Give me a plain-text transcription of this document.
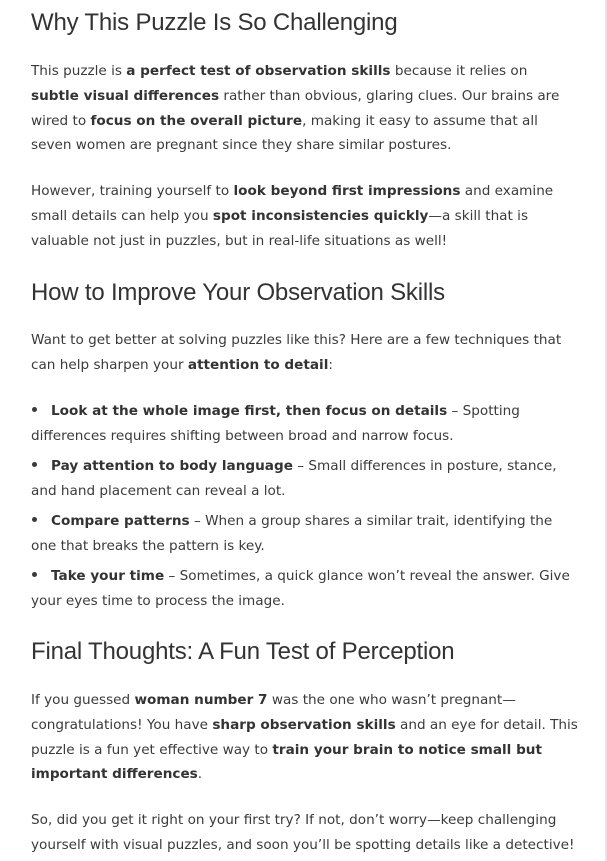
Why This Puzzle Is So Challenging

This puzzle is a perfect test of observation skills because it relies on subtle visual differences rather than obvious, glaring clues. Our brains are wired to focus on the overall picture, making it easy to assume that all seven women are pregnant since they share similar postures.

However, training yourself to look beyond first impressions and examine small details can help you spot inconsistencies quickly—a skill that is valuable not just in puzzles, but in real-life situations as well!

How to Improve Your Observation Skills

Want to get better at solving puzzles like this? Here are a few techniques that can help sharpen your attention to detail:

Look at the whole image first, then focus on details – Spotting differences requires shifting between broad and narrow focus.
Pay attention to body language – Small differences in posture, stance, and hand placement can reveal a lot.
Compare patterns – When a group shares a similar trait, identifying the one that breaks the pattern is key.
Take your time – Sometimes, a quick glance won’t reveal the answer. Give your eyes time to process the image.
Final Thoughts: A Fun Test of Perception

If you guessed woman number 7 was the one who wasn’t pregnant—congratulations! You have sharp observation skills and an eye for detail. This puzzle is a fun yet effective way to train your brain to notice small but important differences.

So, did you get it right on your first try? If not, don’t worry—keep challenging yourself with visual puzzles, and soon you’ll be spotting details like a detective!
